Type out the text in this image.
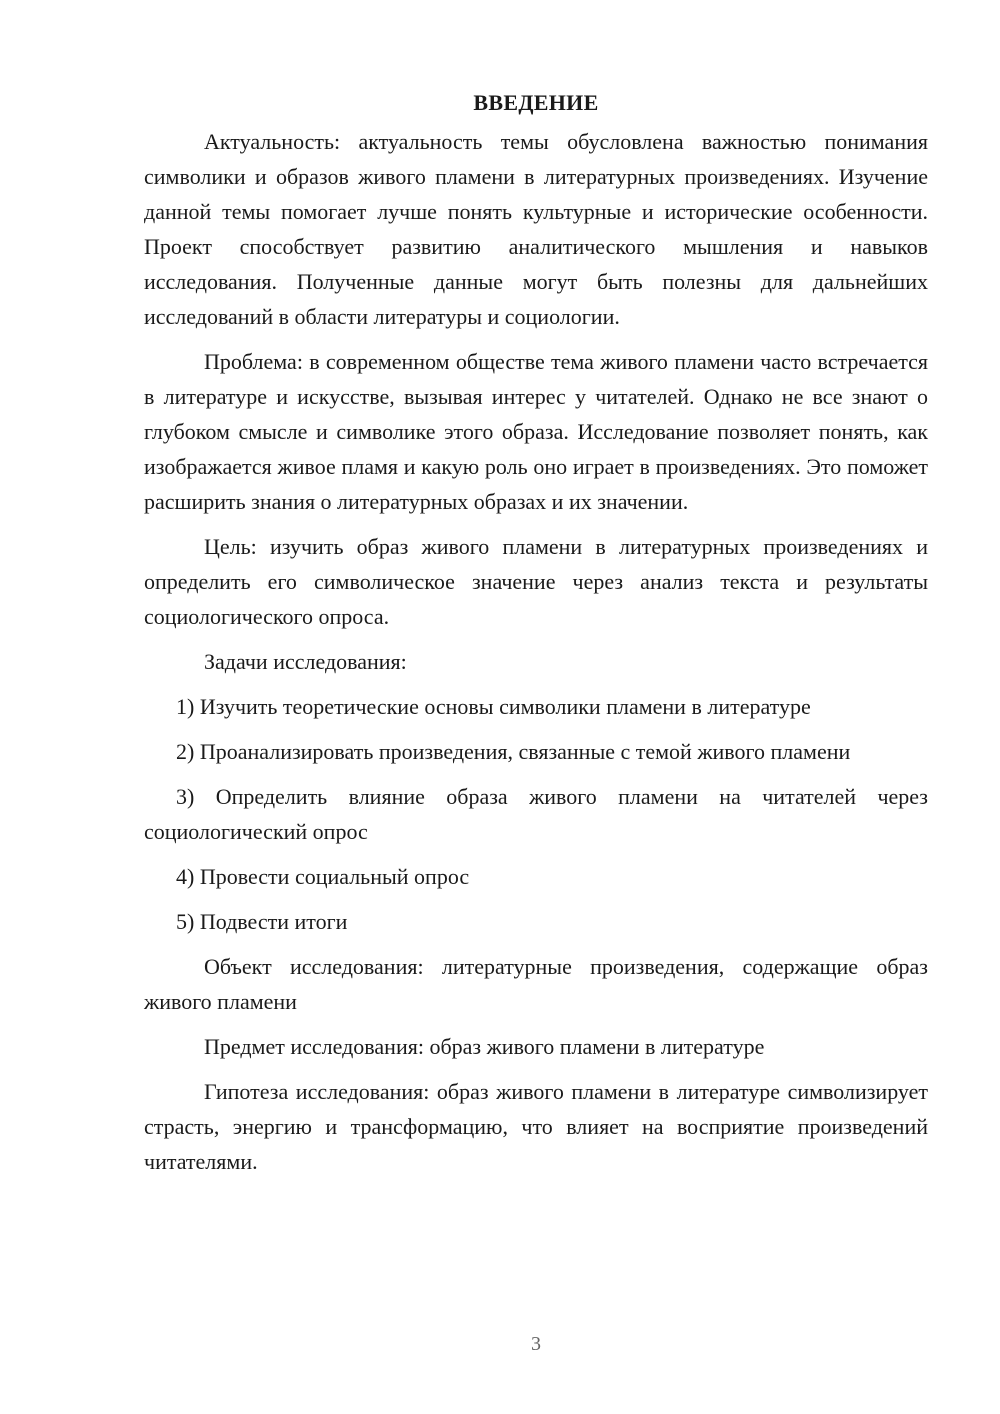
ВВЕДЕНИЕ

Актуальность: актуальность темы обусловлена важностью понимания символики и образов живого пламени в литературных произведениях. Изучение данной темы помогает лучше понять культурные и исторические особенности. Проект способствует развитию аналитического мышления и навыков исследования. Полученные данные могут быть полезны для дальнейших исследований в области литературы и социологии.

Проблема: в современном обществе тема живого пламени часто встречается в литературе и искусстве, вызывая интерес у читателей. Однако не все знают о глубоком смысле и символике этого образа. Исследование позволяет понять, как изображается живое пламя и какую роль оно играет в произведениях. Это поможет расширить знания о литературных образах и их значении.

Цель: изучить образ живого пламени в литературных произведениях и определить его символическое значение через анализ текста и результаты социологического опроса.

Задачи исследования:

1) Изучить теоретические основы символики пламени в литературе

2) Проанализировать произведения, связанные с темой живого пламени

3) Определить влияние образа живого пламени на читателей через социологический опрос

4) Провести социальный опрос

5) Подвести итоги

Объект исследования: литературные произведения, содержащие образ живого пламени

Предмет исследования: образ живого пламени в литературе

Гипотеза исследования: образ живого пламени в литературе символизирует страсть, энергию и трансформацию, что влияет на восприятие произведений читателями.

3
